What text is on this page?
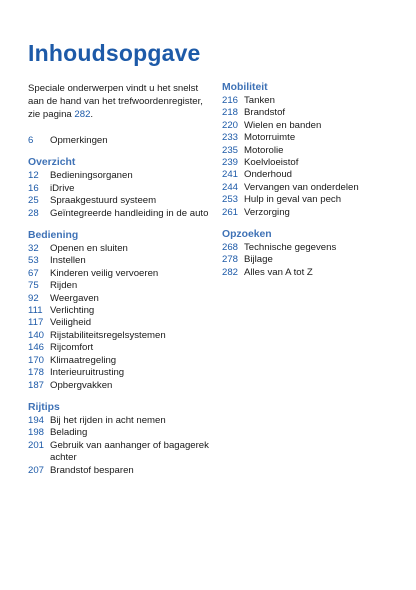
Inhoudsopgave

Speciale onderwerpen vindt u het snelst aan de hand van het trefwoordenregister, zie pagina 282.

6	Opmerkingen
Overzicht
12	Bedieningsorganen
16	iDrive
25	Spraakgestuurd systeem
28	Geïntegreerde handleiding in de auto
Bediening
32	Openen en sluiten
53	Instellen
67	Kinderen veilig vervoeren
75	Rijden
92	Weergaven
111 Verlichting
117 Veiligheid
140 Rijstabiliteitsregelsystemen
146 Rijcomfort
170 Klimaatregeling
178 Interieuruitrusting
187 Opbergvakken
Rijtips
194 Bij het rijden in acht nemen
198 Belading
201 Gebruik van aanhanger of bagagerek achter
207 Brandstof besparen
Mobiliteit
216 Tanken
218 Brandstof
220 Wielen en banden
233 Motorruimte
235 Motorolie
239 Koelvloeistof
241 Onderhoud
244 Vervangen van onderdelen
253 Hulp in geval van pech
261 Verzorging
Opzoeken
268 Technische gegevens
278 Bijlage
282 Alles van A tot Z
